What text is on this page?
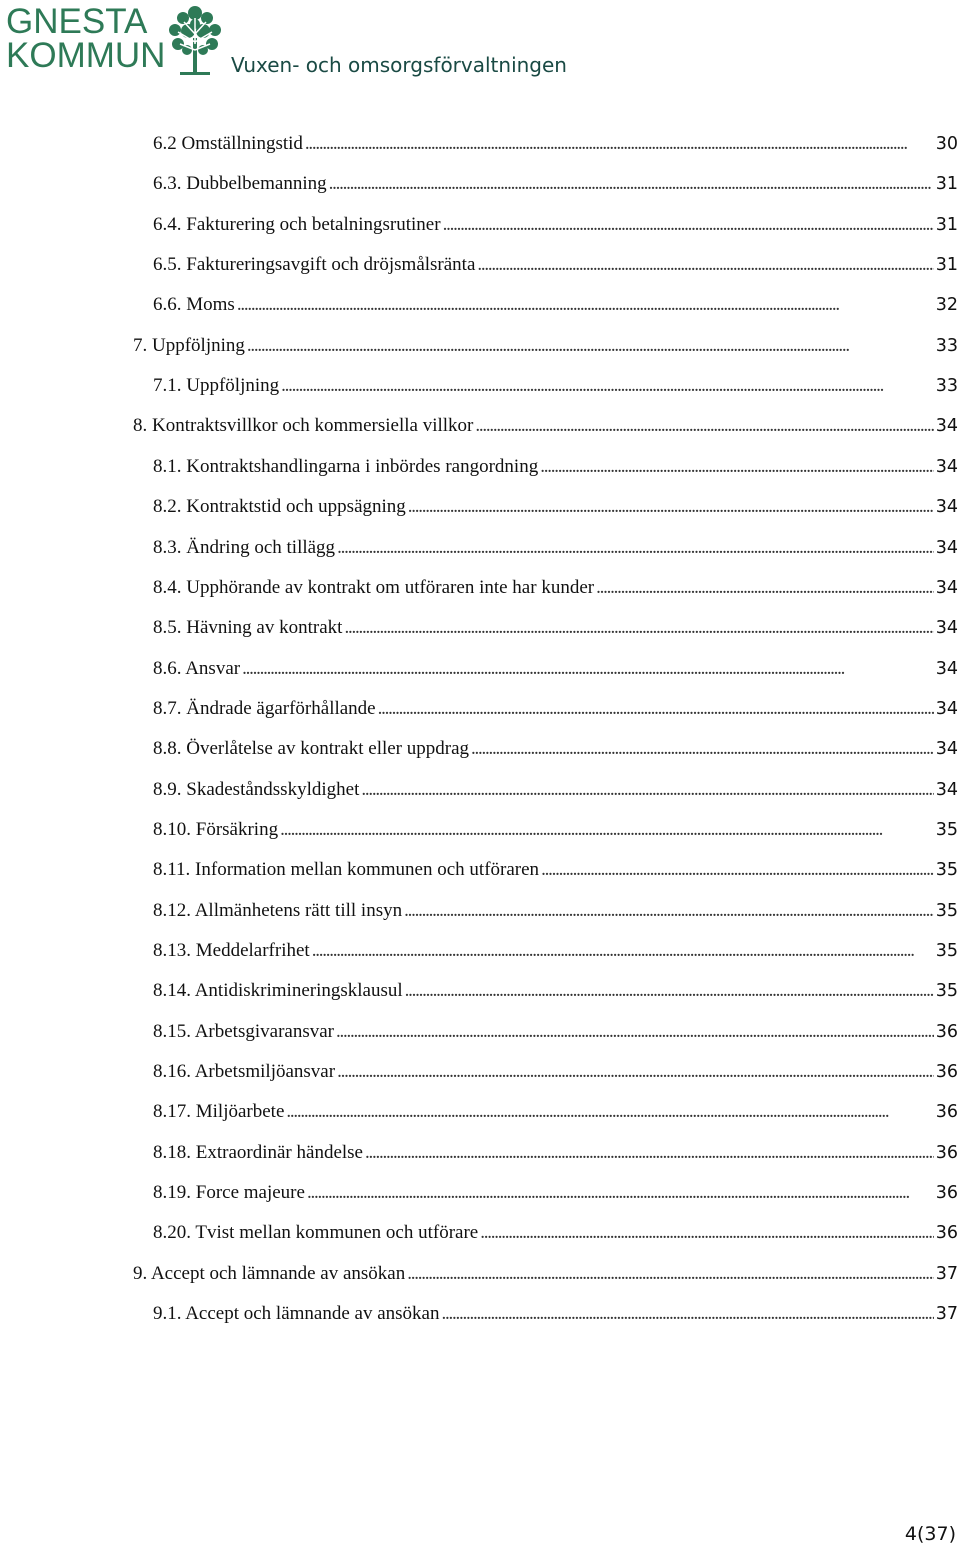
GNESTA
KOMMUN	Vuxen- och omsorgsförvaltningen
6.2 Omställningstid . . .	30
6.3. Dubbelbemanning . . .	31
6.4. Fakturering och betalningsrutiner . . .	31
6.5. Faktureringsavgift och dröjsmålsränta . . .	31
6.6. Moms . . .	32
7. Uppföljning . . .	33
7.1. Uppföljning . . .	33
8. Kontraktsvillkor och kommersiella villkor . . .	34
8.1. Kontraktshandlingarna i inbördes rangordning . . .	34
8.2. Kontraktstid och uppsägning . . .	34
8.3. Ändring och tillägg . . .	34
8.4. Upphörande av kontrakt om utföraren inte har kunder . . .	34
8.5. Hävning av kontrakt . . .	34
8.6. Ansvar . . .	34
8.7. Ändrade ägarförhållande . . .	34
8.8. Överlåtelse av kontrakt eller uppdrag . . .	34
8.9. Skadeståndsskyldighet . . .	34
8.10. Försäkring . . .	35
8.11. Information mellan kommunen och utföraren . . .	35
8.12. Allmänhetens rätt till insyn . . .	35
8.13. Meddelarfrihet . . .	35
8.14. Antidiskrimineringsklausul . . .	35
8.15. Arbetsgivaransvar . . .	36
8.16. Arbetsmiljöansvar . . .	36
8.17. Miljöarbete . . .	36
8.18. Extraordinär händelse . . .	36
8.19. Force majeure . . .	36
8.20. Tvist mellan kommunen och utförare . . .	36
9. Accept och lämnande av ansökan . . .	37
9.1. Accept och lämnande av ansökan . . .	37
4(37)
